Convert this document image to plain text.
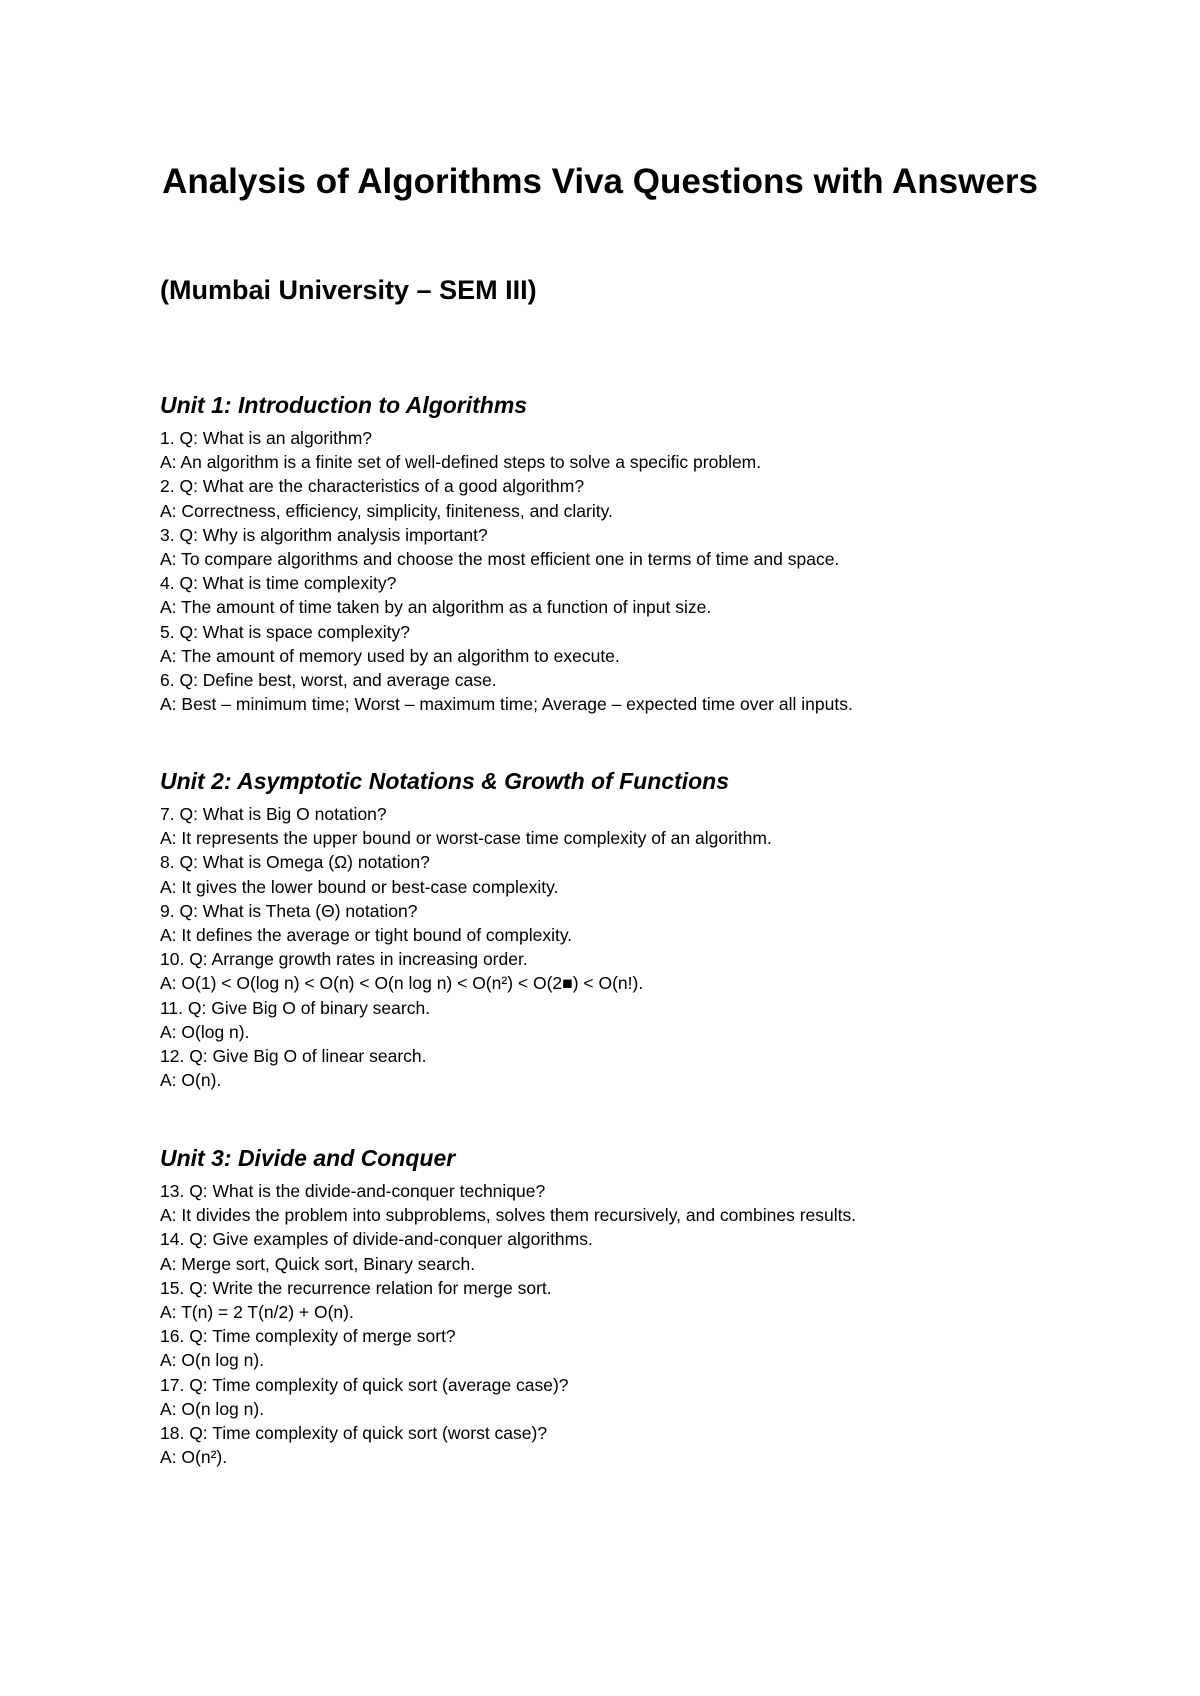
Analysis of Algorithms Viva Questions with Answers
(Mumbai University – SEM III)
Unit 1: Introduction to Algorithms
1. Q: What is an algorithm?
A: An algorithm is a finite set of well-defined steps to solve a specific problem.
2. Q: What are the characteristics of a good algorithm?
A: Correctness, efficiency, simplicity, finiteness, and clarity.
3. Q: Why is algorithm analysis important?
A: To compare algorithms and choose the most efficient one in terms of time and space.
4. Q: What is time complexity?
A: The amount of time taken by an algorithm as a function of input size.
5. Q: What is space complexity?
A: The amount of memory used by an algorithm to execute.
6. Q: Define best, worst, and average case.
A: Best – minimum time; Worst – maximum time; Average – expected time over all inputs.
Unit 2: Asymptotic Notations & Growth of Functions
7. Q: What is Big O notation?
A: It represents the upper bound or worst-case time complexity of an algorithm.
8. Q: What is Omega (Ω) notation?
A: It gives the lower bound or best-case complexity.
9. Q: What is Theta (Θ) notation?
A: It defines the average or tight bound of complexity.
10. Q: Arrange growth rates in increasing order.
A: O(1) < O(log n) < O(n) < O(n log n) < O(n²) < O(2■) < O(n!).
11. Q: Give Big O of binary search.
A: O(log n).
12. Q: Give Big O of linear search.
A: O(n).
Unit 3: Divide and Conquer
13. Q: What is the divide-and-conquer technique?
A: It divides the problem into subproblems, solves them recursively, and combines results.
14. Q: Give examples of divide-and-conquer algorithms.
A: Merge sort, Quick sort, Binary search.
15. Q: Write the recurrence relation for merge sort.
A: T(n) = 2 T(n/2) + O(n).
16. Q: Time complexity of merge sort?
A: O(n log n).
17. Q: Time complexity of quick sort (average case)?
A: O(n log n).
18. Q: Time complexity of quick sort (worst case)?
A: O(n²).
